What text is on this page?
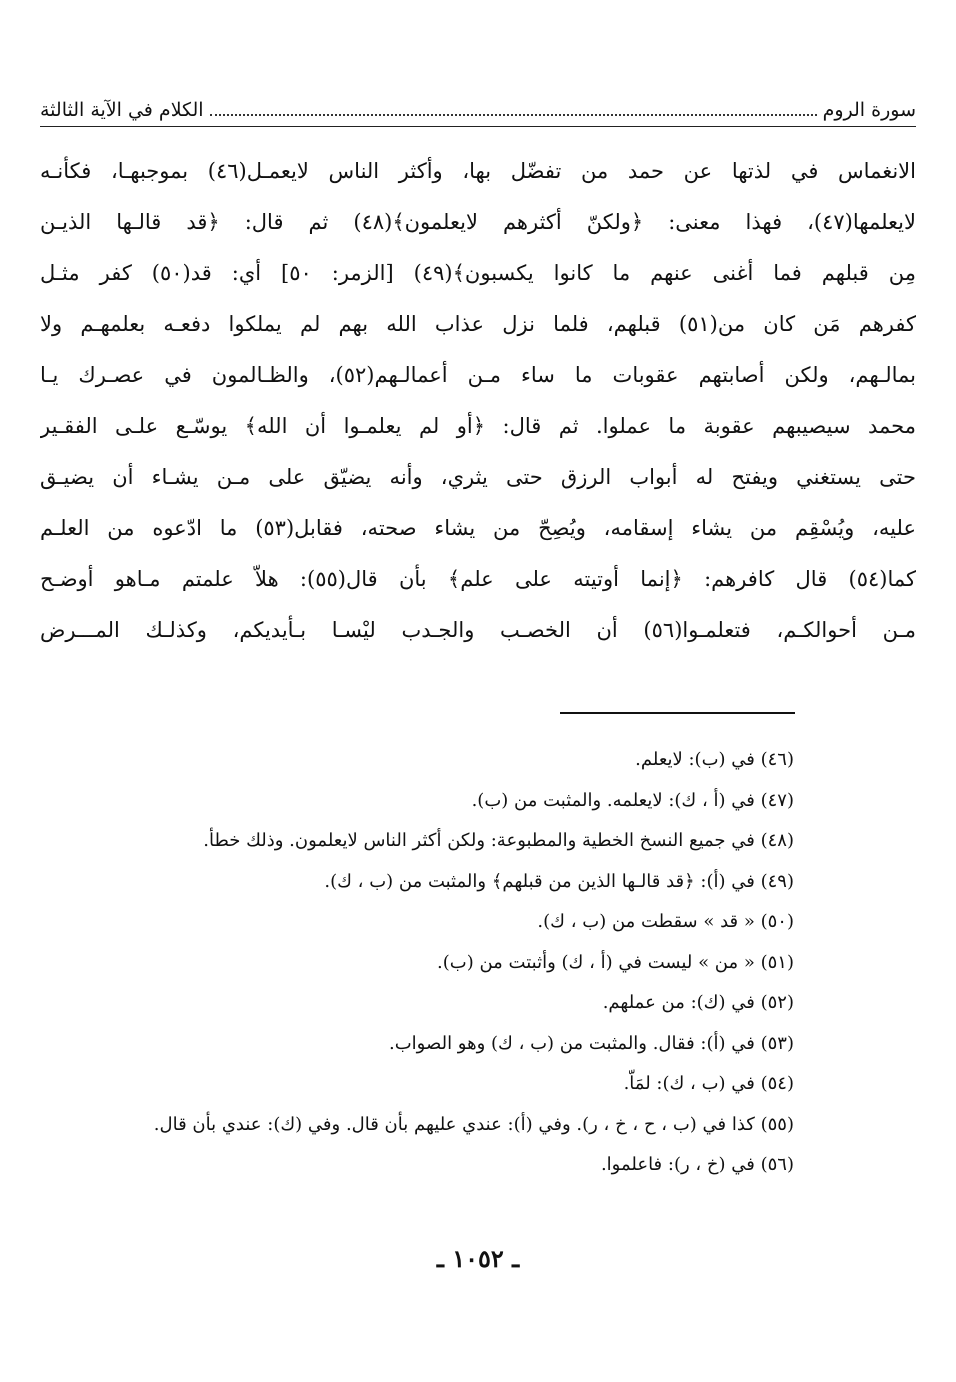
سورة الروم
الكلام في الآية الثالثة
الانغماس في لذتها عن حمد من تفضّل بها، وأكثر الناس لايعمـل(٤٦) بموجبهـا، فكأنـه
لايعلمها(٤٧)، فهذا معنى: ﴿ولكنّ أكثرهم لايعلمون﴾(٤٨) ثم قال: ﴿قد قالـها الذيـن
مِن قبلهم فما أغنى عنهم ما كانوا يكسبون﴾(٤٩) [الزمر: ٥٠] أي: قد(٥٠) كفر مثـل
كفرهم مَن كان من(٥١) قبلهم، فلما نزل عذاب الله بهم لم يملكوا دفعـه بعلمهـم ولا
بمالـهم، ولكن أصابتهم عقوبات ما ساء مـن أعمالـهم(٥٢)، والظـالمون في عصـرك يـا
محمد سيصيبهم عقوبة ما عملوا. ثم قال: ﴿أو لم يعلمـوا أن الله﴾ يوسّـع علـى الفقـير
حتى يستغني ويفتح له أبواب الرزق حتى يثري، وأنه يضيّق على مـن يشـاء أن يضيـق
عليه، ويُسْقِم من يشاء إسقامه، ويُصِحّ من يشاء صحته، فقابل(٥٣) ما ادّعوه من العلـم
كما(٥٤) قال كافرهم: ﴿إنما أوتيته على علم﴾ بأن قال(٥٥): هلاّ علمتم مـاهو أوضـح
مـن أحوالكـم، فتعلمـوا(٥٦) أن الخصـب والجـدب ليْسـا بـأيديكم، وكذلـك المـــرض
(٤٦) في (ب): لايعلم.
(٤٧) في (أ ، ك): لايعلمه. والمثبت من (ب).
(٤٨) في جميع النسخ الخطية والمطبوعة: ولكن أكثر الناس لايعلمون. وذلك خطأ.
(٤٩) في (أ): ﴿قد قالـها الذين من قبلهم﴾ والمثبت من (ب ، ك).
(٥٠) « قد » سقطت من (ب ، ك).
(٥١) « من » ليست في (أ ، ك) وأثبتت من (ب).
(٥٢) في (ك): من عملهم.
(٥٣) في (أ): فقال. والمثبت من (ب ، ك) وهو الصواب.
(٥٤) في (ب ، ك): لمَاّ.
(٥٥) كذا في (ب ، ح ، خ ، ر). وفي (أ): عندي عليهم بأن قال. وفي (ك): عندي بأن قال.
(٥٦) في (خ ، ر): فاعلموا.
ـ ١٠٥٢ ـ
